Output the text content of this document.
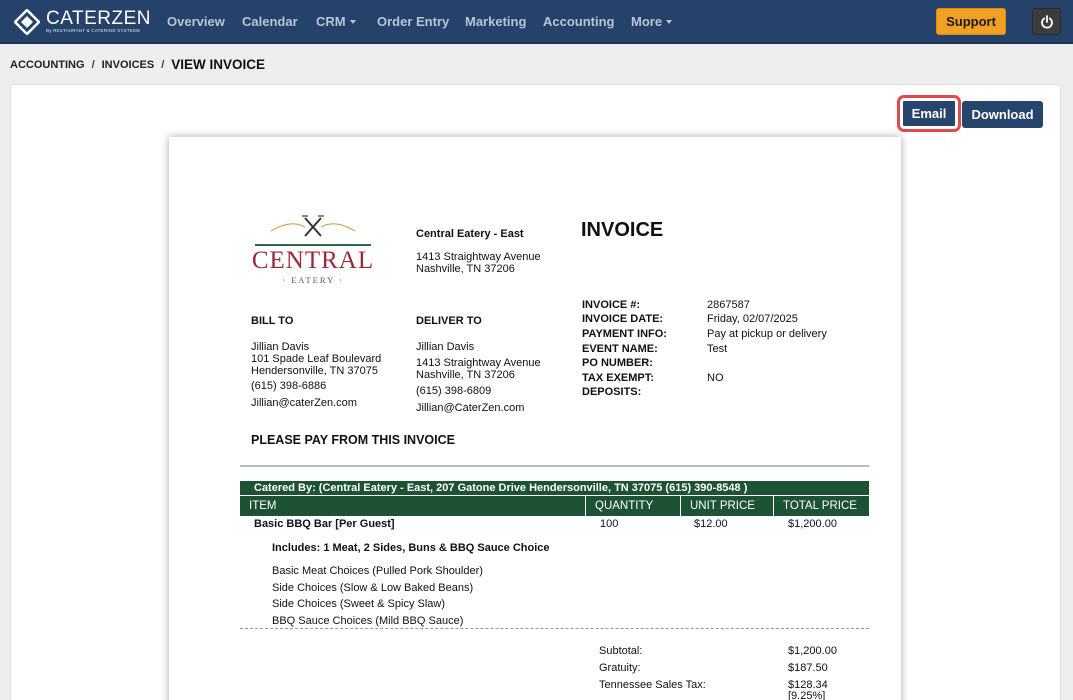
CATERZEN
By RESTAURANT & CATERING SYSTEMS
Overview Calendar CRM	Order Entry Marketing Accounting More	Support
ACCOUNTING / INVOICES / VIEW INVOICE
Email	Download
CENTRAL
· EATERY ·
Central Eatery - East
1413 Straightway Avenue
Nashville, TN 37206
INVOICE
INVOICE #:	2867587
INVOICE DATE:	Friday, 02/07/2025
PAYMENT INFO:	Pay at pickup or delivery
EVENT NAME:	Test
PO NUMBER:
TAX EXEMPT:	NO
DEPOSITS:
BILL TO
Jillian Davis
101 Spade Leaf Boulevard
Hendersonville, TN 37075
(615) 398-6886
Jillian@caterZen.com
DELIVER TO
Jillian Davis
1413 Straightway Avenue
Nashville, TN 37206
(615) 398-6809
Jillian@CaterZen.com
PLEASE PAY FROM THIS INVOICE
Catered By: (Central Eatery - East, 207 Gatone Drive Hendersonville, TN 37075 (615) 390-8548 )
ITEM	QUANTITY	UNIT PRICE	TOTAL PRICE
Basic BBQ Bar [Per Guest]	100	$12.00	$1,200.00
Includes: 1 Meat, 2 Sides, Buns & BBQ Sauce Choice
Basic Meat Choices (Pulled Pork Shoulder)
Side Choices (Slow & Low Baked Beans)
Side Choices (Sweet & Spicy Slaw)
BBQ Sauce Choices (Mild BBQ Sauce)
Subtotal:	$1,200.00
Gratuity:	$187.50
Tennessee Sales Tax:	$128.34
[9.25%]
